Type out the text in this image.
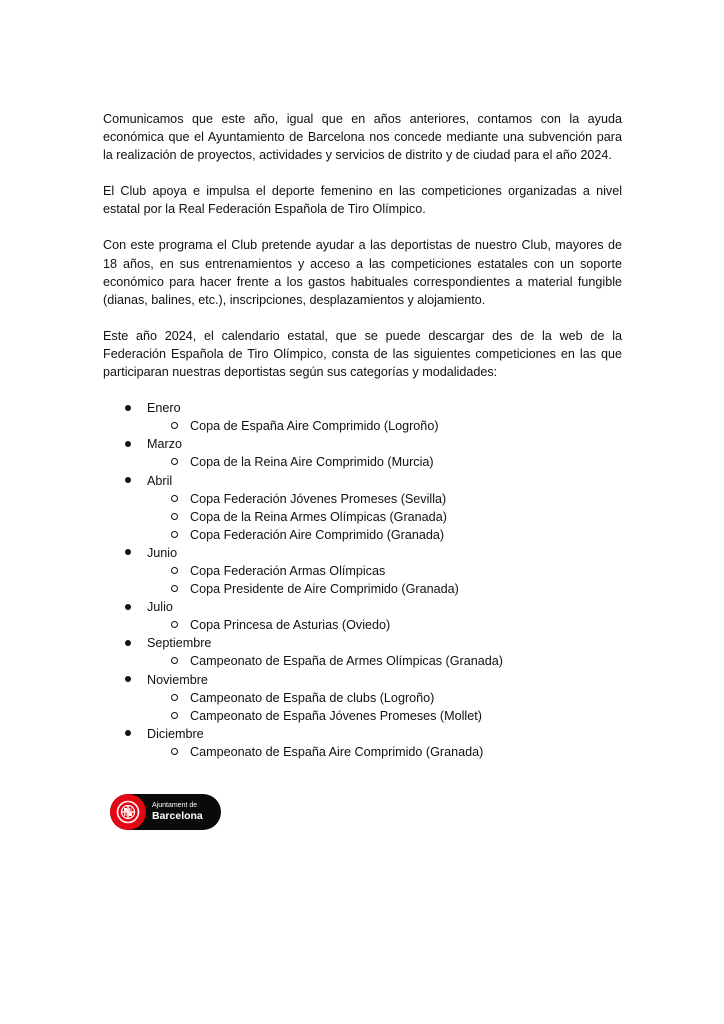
Comunicamos que este año, igual que en años anteriores, contamos con la ayuda económica que el Ayuntamiento de Barcelona nos concede mediante una subvención para la realización de proyectos, actividades y servicios de distrito y de ciudad para el año 2024.

El Club apoya e impulsa el deporte femenino en las competiciones organizadas a nivel estatal por la Real Federación Española de Tiro Olímpico.

Con este programa el Club pretende ayudar a las deportistas de nuestro Club, mayores de 18 años, en sus entrenamientos y acceso a las competiciones estatales con un soporte económico para hacer frente a los gastos habituales correspondientes a material fungible (dianas, balines, etc.), inscripciones, desplazamientos y alojamiento.

Este año 2024, el calendario estatal, que se puede descargar des de la web de la Federación Española de Tiro Olímpico, consta de las siguientes competiciones en las que participaran nuestras deportistas según sus categorías y modalidades:

Enero
Copa de España Aire Comprimido (Logroño)
Marzo
Copa de la Reina Aire Comprimido (Murcia)
Abril
Copa Federación Jóvenes Promeses (Sevilla)
Copa de la Reina Armes Olímpicas (Granada)
Copa Federación Aire Comprimido (Granada)
Junio
Copa Federación Armas Olímpicas
Copa Presidente de Aire Comprimido (Granada)
Julio
Copa Princesa de Asturias (Oviedo)
Septiembre
Campeonato de España de Armes Olímpicas (Granada)
Noviembre
Campeonato de España de clubs (Logroño)
Campeonato de España Jóvenes Promeses (Mollet)
Diciembre
Campeonato de España Aire Comprimido (Granada)
Ajuntament de
Barcelona
